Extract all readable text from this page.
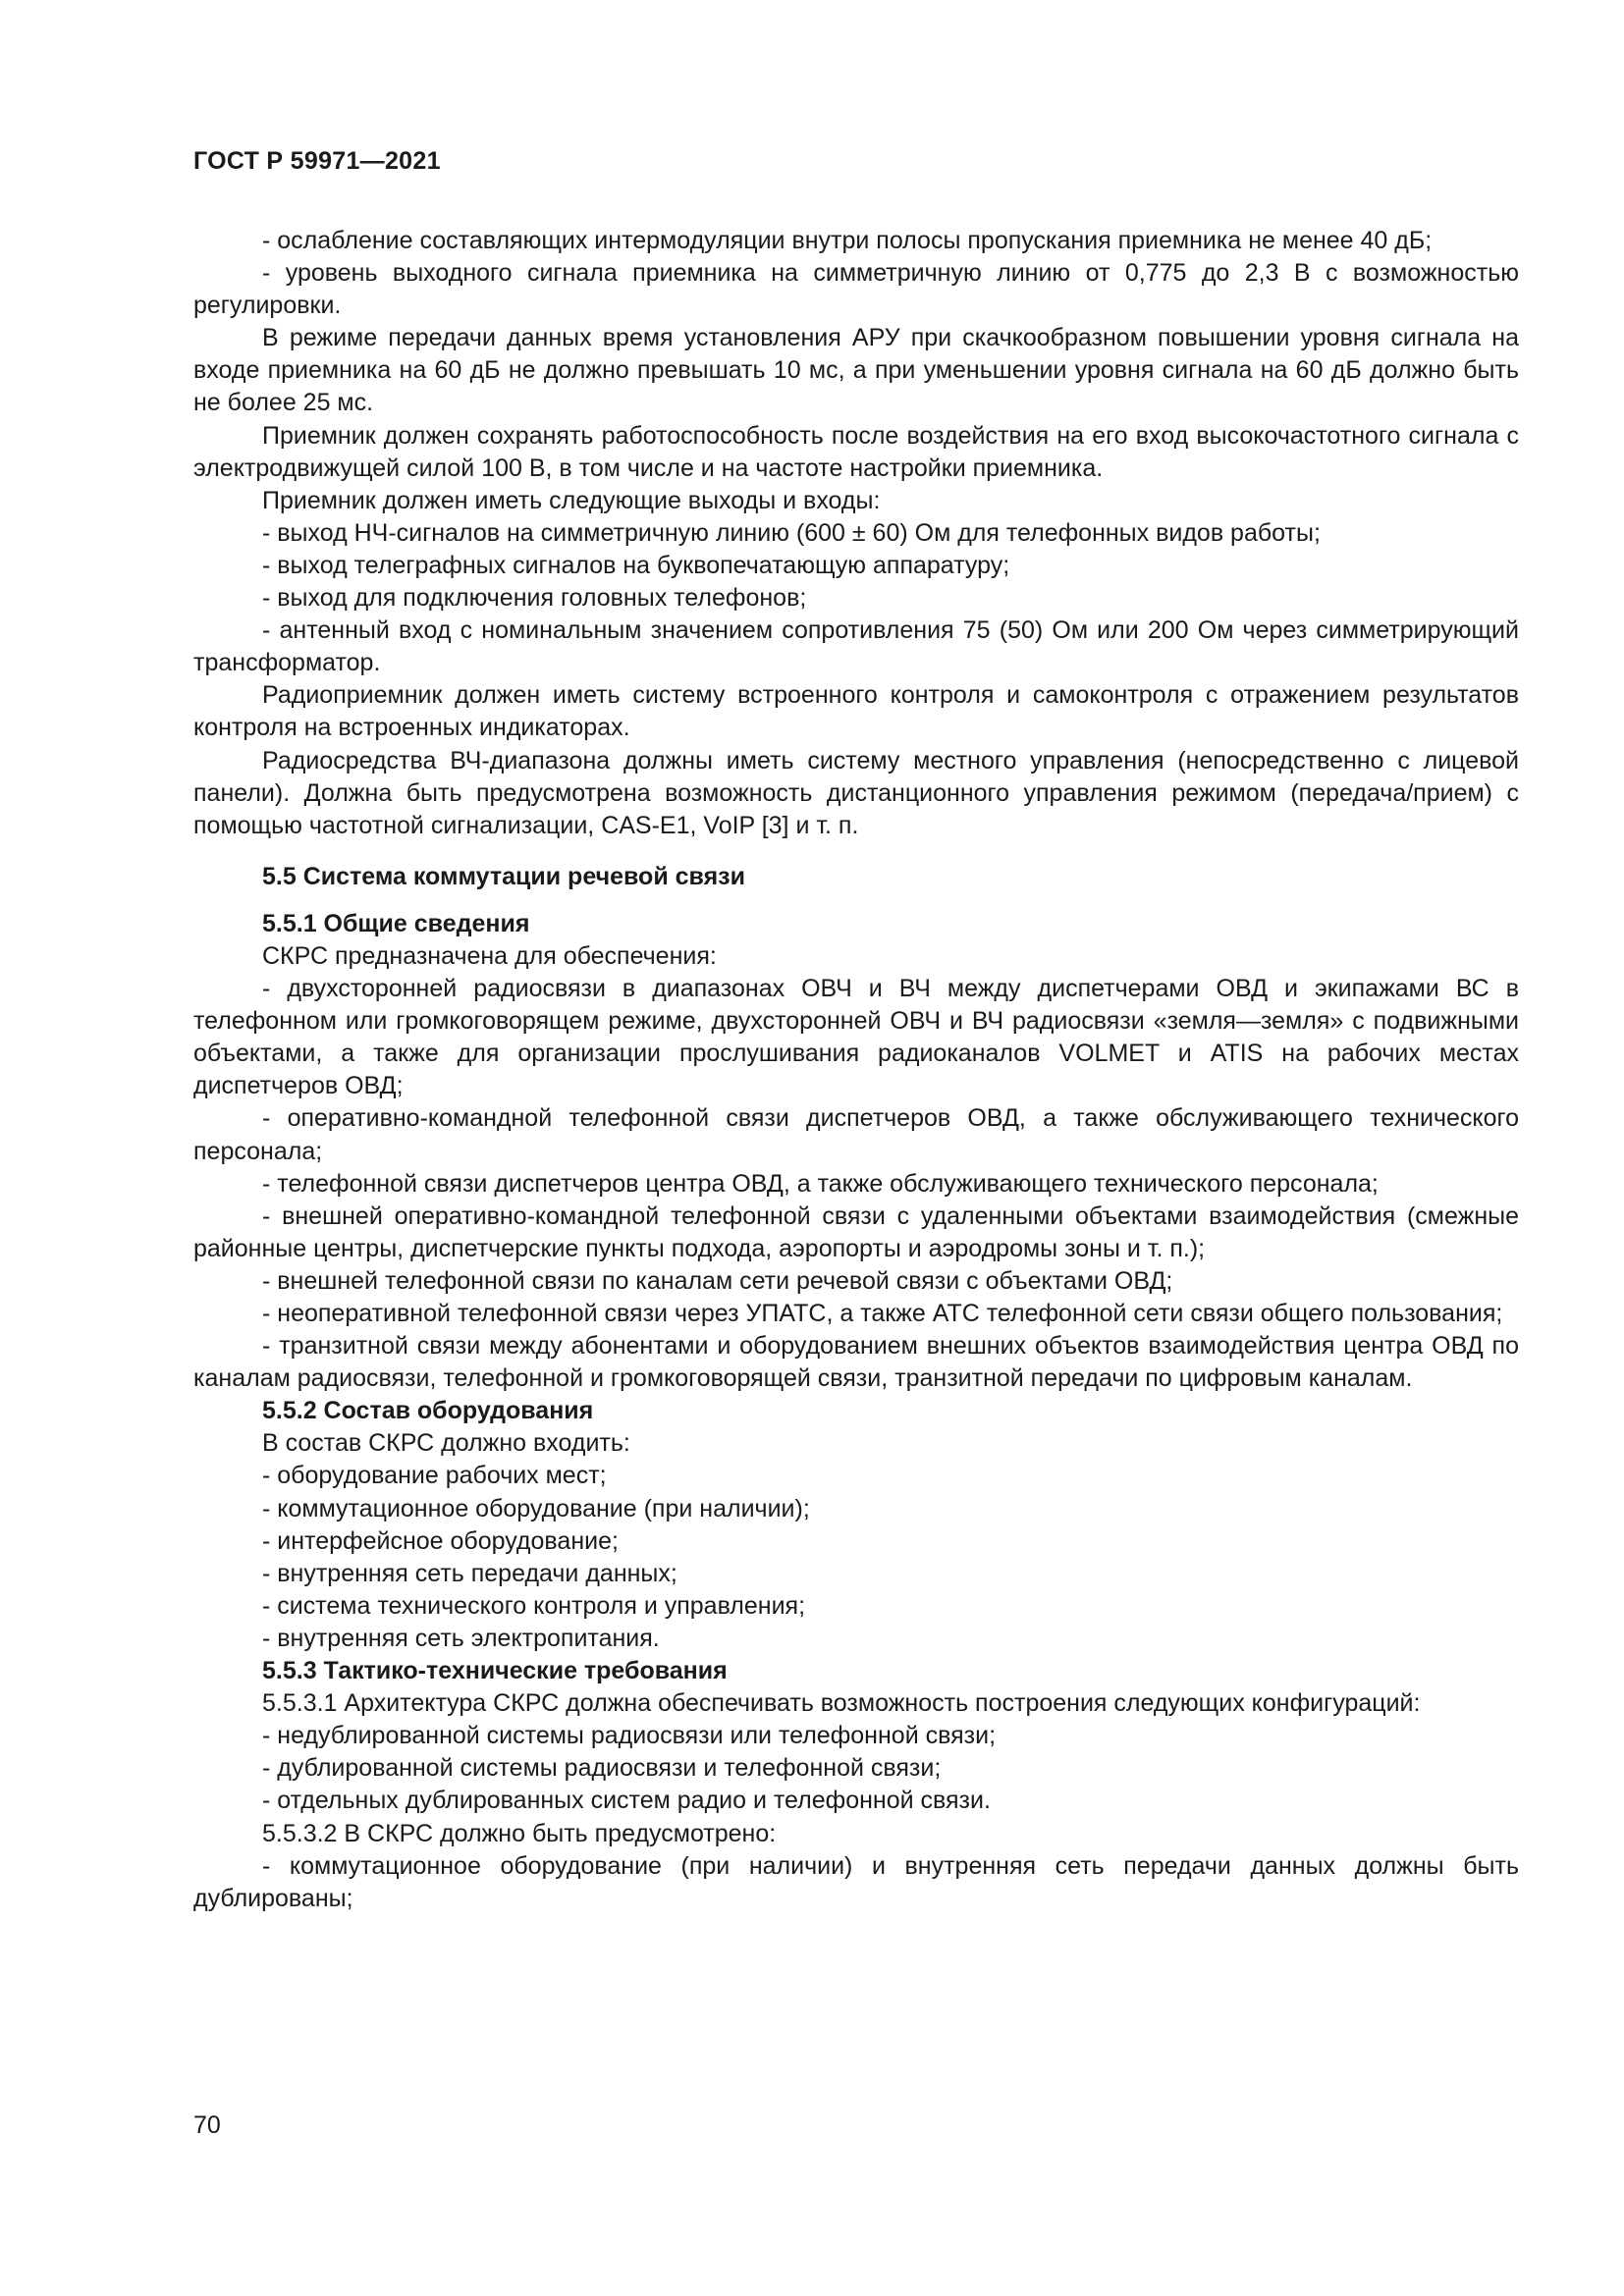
ГОСТ Р 59971—2021

- ослабление составляющих интермодуляции внутри полосы пропускания приемника не менее 40 дБ;

- уровень выходного сигнала приемника на симметричную линию от 0,775 до 2,3 В с возможностью регулировки.

В режиме передачи данных время установления АРУ при скачкообразном повышении уровня сигнала на входе приемника на 60 дБ не должно превышать 10 мс, а при уменьшении уровня сигнала на 60 дБ должно быть не более 25 мс.

Приемник должен сохранять работоспособность после воздействия на его вход высокочастотного сигнала с электродвижущей силой 100 В, в том числе и на частоте настройки приемника.

Приемник должен иметь следующие выходы и входы:

- выход НЧ-сигналов на симметричную линию (600 ± 60) Ом для телефонных видов работы;

- выход телеграфных сигналов на буквопечатающую аппаратуру;

- выход для подключения головных телефонов;

- антенный вход с номинальным значением сопротивления 75 (50) Ом или 200 Ом через симметрирующий трансформатор.

Радиоприемник должен иметь систему встроенного контроля и самоконтроля с отражением результатов контроля на встроенных индикаторах.

Радиосредства ВЧ-диапазона должны иметь систему местного управления (непосредственно с лицевой панели). Должна быть предусмотрена возможность дистанционного управления режимом (передача/прием) с помощью частотной сигнализации, CAS-E1, VoIP [3] и т. п.

5.5 Система коммутации речевой связи

5.5.1 Общие сведения

СКРС предназначена для обеспечения:

- двухсторонней радиосвязи в диапазонах ОВЧ и ВЧ между диспетчерами ОВД и экипажами ВС в телефонном или громкоговорящем режиме, двухсторонней ОВЧ и ВЧ радиосвязи «земля—земля» с подвижными объектами, а также для организации прослушивания радиоканалов VOLMET и ATIS на рабочих местах диспетчеров ОВД;

- оперативно-командной телефонной связи диспетчеров ОВД, а также обслуживающего технического персонала;

- телефонной связи диспетчеров центра ОВД, а также обслуживающего технического персонала;

- внешней оперативно-командной телефонной связи с удаленными объектами взаимодействия (смежные районные центры, диспетчерские пункты подхода, аэропорты и аэродромы зоны и т. п.);

- внешней телефонной связи по каналам сети речевой связи с объектами ОВД;

- неоперативной телефонной связи через УПАТС, а также АТС телефонной сети связи общего пользования;

- транзитной связи между абонентами и оборудованием внешних объектов взаимодействия центра ОВД по каналам радиосвязи, телефонной и громкоговорящей связи, транзитной передачи по цифровым каналам.

5.5.2 Состав оборудования

В состав СКРС должно входить:

- оборудование рабочих мест;

- коммутационное оборудование (при наличии);

- интерфейсное оборудование;

- внутренняя сеть передачи данных;

- система технического контроля и управления;

- внутренняя сеть электропитания.

5.5.3 Тактико-технические требования

5.5.3.1 Архитектура СКРС должна обеспечивать возможность построения следующих конфигураций:

- недублированной системы радиосвязи или телефонной связи;

- дублированной системы радиосвязи и телефонной связи;

- отдельных дублированных систем радио и телефонной связи.

5.5.3.2 В СКРС должно быть предусмотрено:

- коммутационное оборудование (при наличии) и внутренняя сеть передачи данных должны быть дублированы;

70
